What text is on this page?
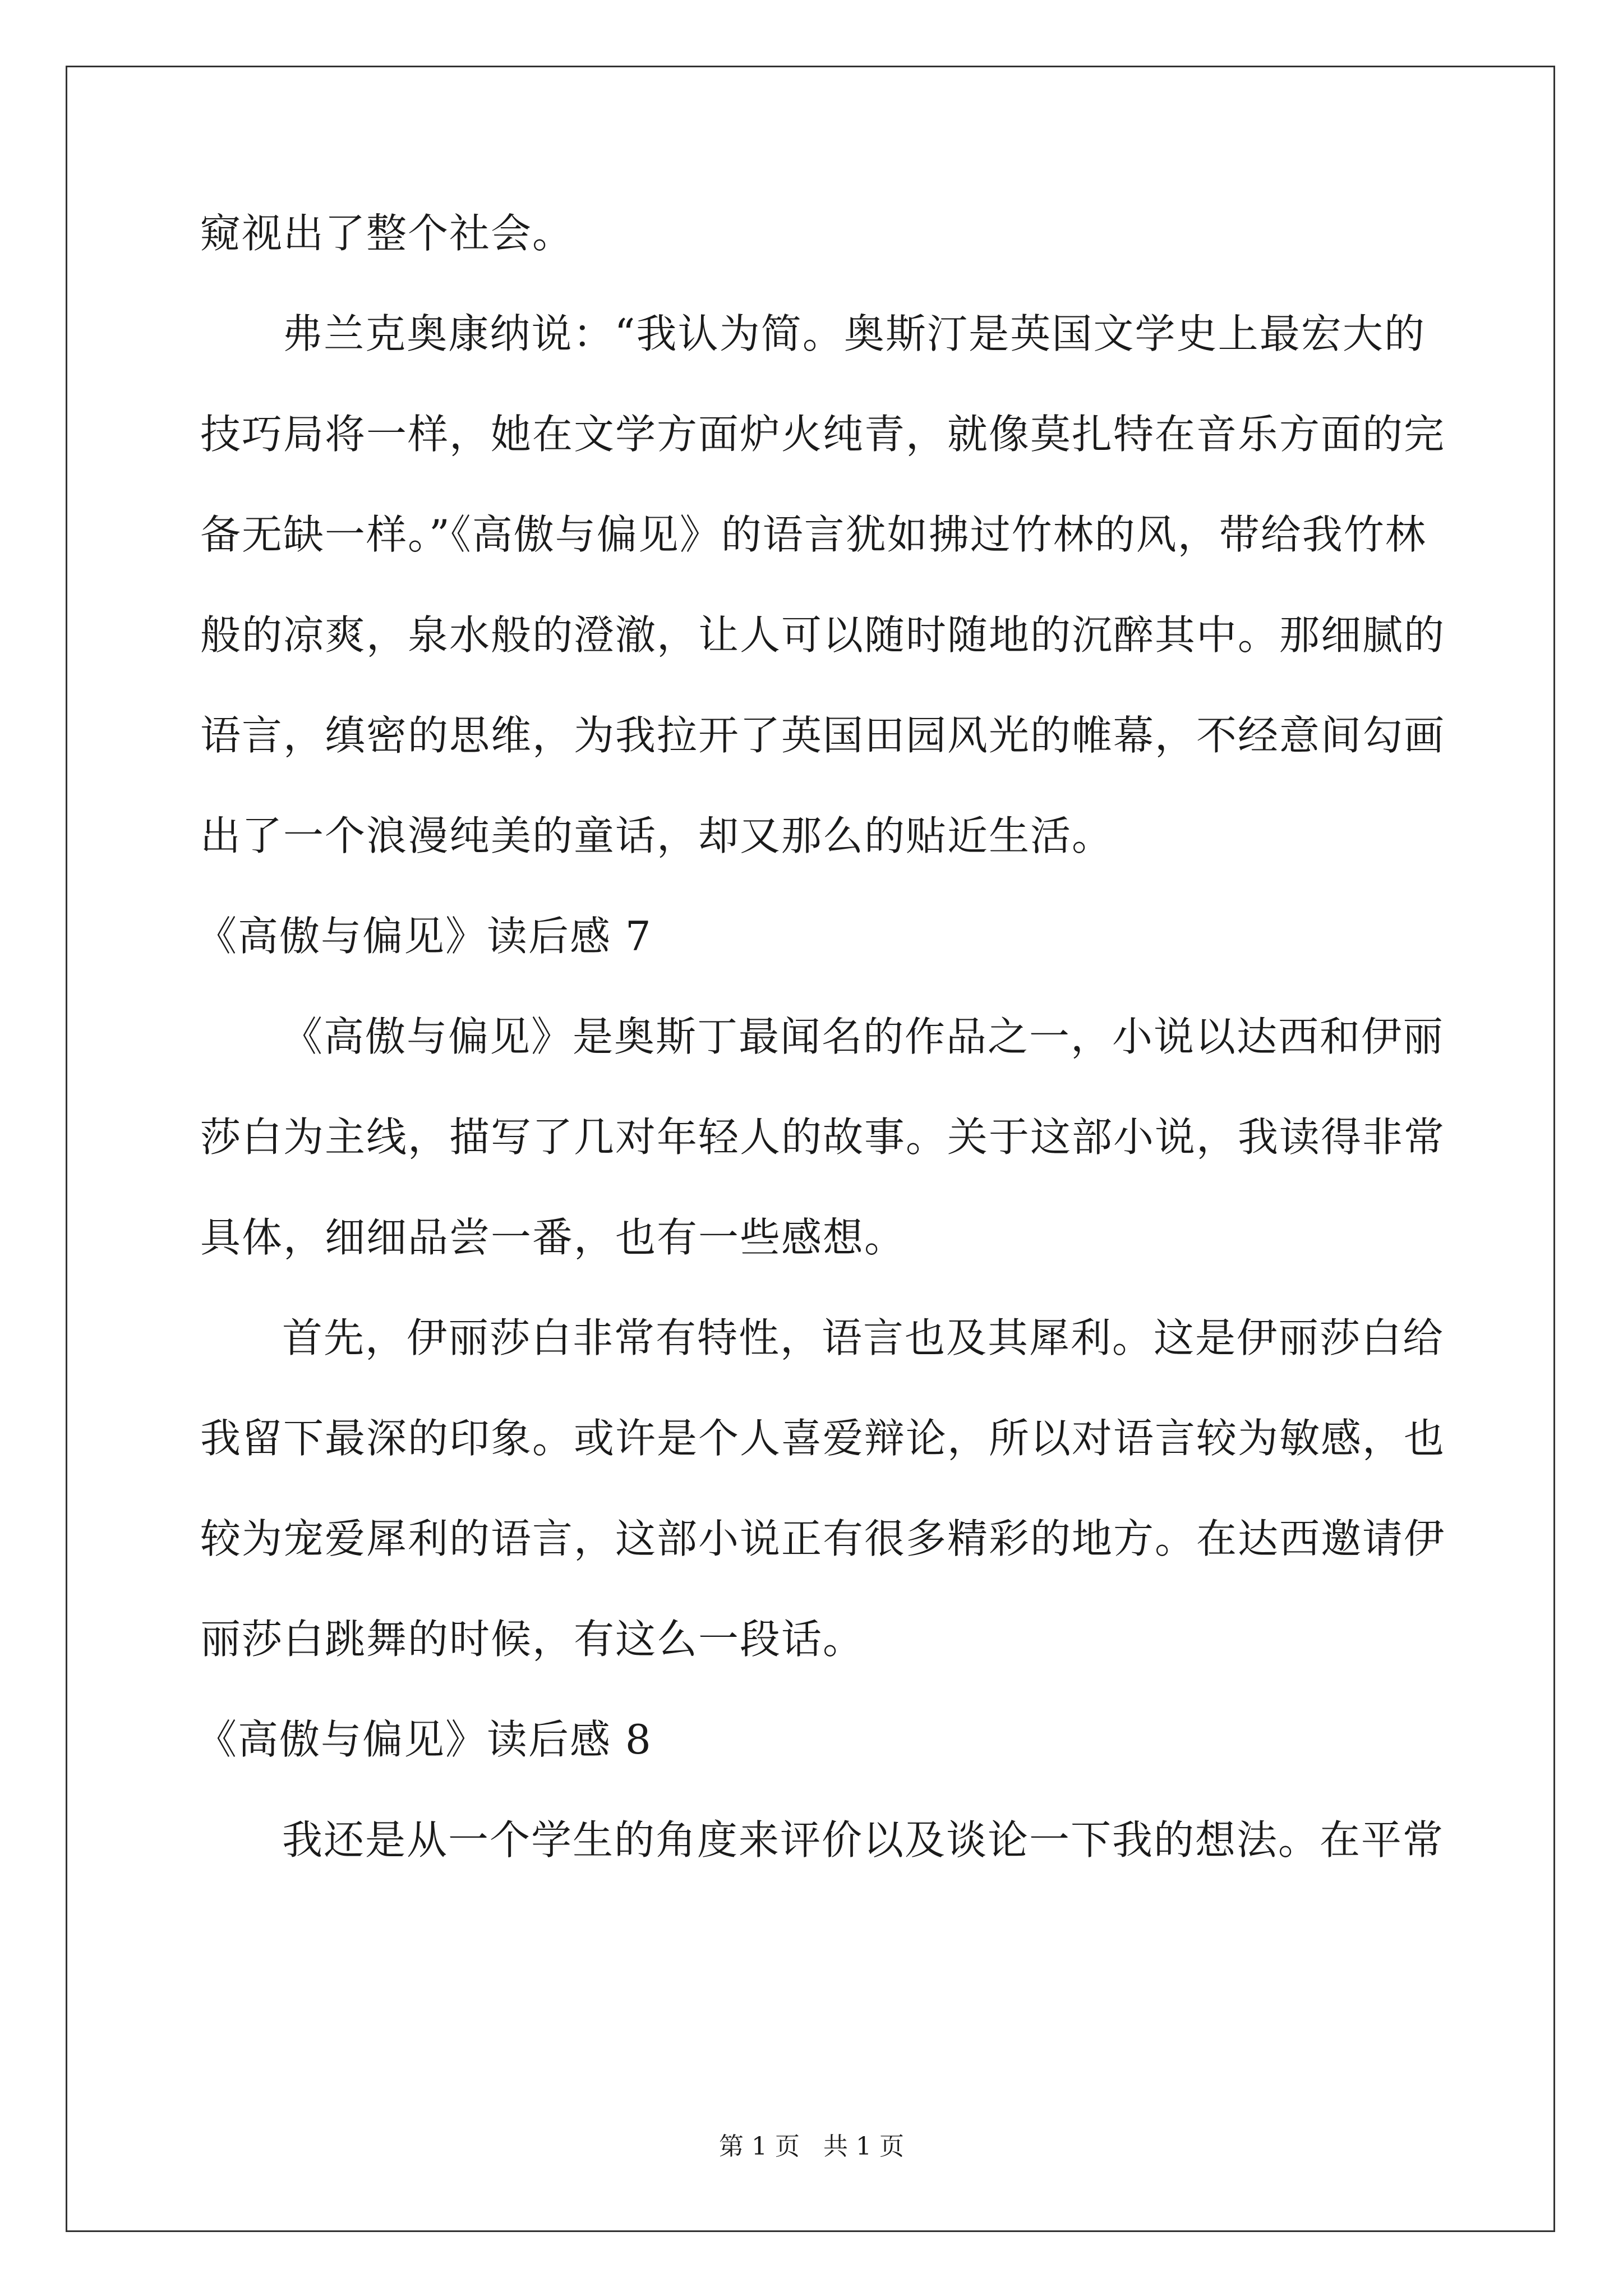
窥视出了整个社会。
弗兰克奥康纳说：“我认为简。奥斯汀是英国文学史上最宏大的
技巧局将一样，她在文学方面炉火纯青，就像莫扎特在音乐方面的完
备无缺一样。”《高傲与偏见》的语言犹如拂过竹林的风，带给我竹林
般的凉爽，泉水般的澄澈，让人可以随时随地的沉醉其中。那细腻的
语言，缜密的思维，为我拉开了英国田园风光的帷幕，不经意间勾画
出了一个浪漫纯美的童话，却又那么的贴近生活。
《高傲与偏见》读后感 7
《高傲与偏见》是奥斯丁最闻名的作品之一，小说以达西和伊丽
莎白为主线，描写了几对年轻人的故事。关于这部小说，我读得非常
具体，细细品尝一番，也有一些感想。
首先，伊丽莎白非常有特性，语言也及其犀利。这是伊丽莎白给
我留下最深的印象。或许是个人喜爱辩论，所以对语言较为敏感，也
较为宠爱犀利的语言，这部小说正有很多精彩的地方。在达西邀请伊
丽莎白跳舞的时候，有这么一段话。
《高傲与偏见》读后感 8
我还是从一个学生的角度来评价以及谈论一下我的想法。在平常
第 1 页 共 1 页
